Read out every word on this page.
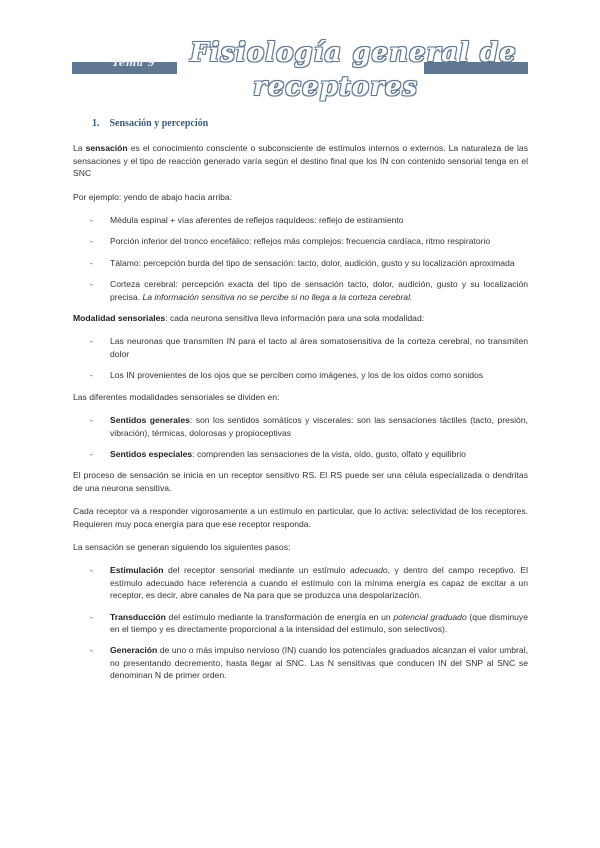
Tema 9 Fisiología general de
receptores
1. Sensación y percepción

La sensación es el conocimiento consciente o subconsciente de estímulos internos o externos. La naturaleza de las sensaciones y el tipo de reacción generado varía según el destino final que los IN con contenido sensorial tenga en el SNC

Por ejemplo: yendo de abajo hacia arriba:

- Médula espinal + vías aferentes de reflejos raquídeos: reflejo de estiramiento
- Porción inferior del tronco encefálico: reflejos más complejos: frecuencia cardíaca, ritmo respiratorio
- Tálamo: percepción burda del tipo de sensación: tacto, dolor, audición, gusto y su localización aproximada
- Corteza cerebral: percepción exacta del tipo de sensación tacto, dolor, audición, gusto y su localización precisa. La información sensitiva no se percibe si no llega a la corteza cerebral.

Modalidad sensoriales: cada neurona sensitiva lleva información para una sola modalidad:

- Las neuronas que transmiten IN para el tacto al área somatosensitiva de la corteza cerebral, no transmiten dolor
- Los IN provenientes de los ojos que se perciben como imágenes, y los de los oídos como sonidos

Las diferentes modalidades sensoriales se dividen en:

- Sentidos generales: son los sentidos somáticos y viscerales: son las sensaciones táctiles (tacto, presión, vibración), térmicas, dolorosas y propioceptivas
- Sentidos especiales: comprenden las sensaciones de la vista, oído, gusto, olfato y equilibrio

El proceso de sensación se inicia en un receptor sensitivo RS. El RS puede ser una célula especializada o dendritas de una neurona sensitiva.

Cada receptor va a responder vigorosamente a un estímulo en particular, que lo activa: selectividad de los receptores. Requieren muy poca energía para que ese receptor responda.

La sensación se generan siguiendo los siguientes pasos:

- Estimulación del receptor sensorial mediante un estímulo adecuado, y dentro del campo receptivo. El estímulo adecuado hace referencia a cuando el estímulo con la mínima energía es capaz de excitar a un receptor, es decir, abre canales de Na para que se produzca una despolarización.
- Transducción del estímulo mediante la transformación de energía en un potencial graduado (que disminuye en el tiempo y es directamente proporcional a la intensidad del estímulo, son selectivos).
- Generación de uno o más impulso nervioso (IN) cuando los potenciales graduados alcanzan el valor umbral, no presentando decremento, hasta llegar al SNC. Las N sensitivas que conducen IN del SNP al SNC se denominan N de primer orden.
